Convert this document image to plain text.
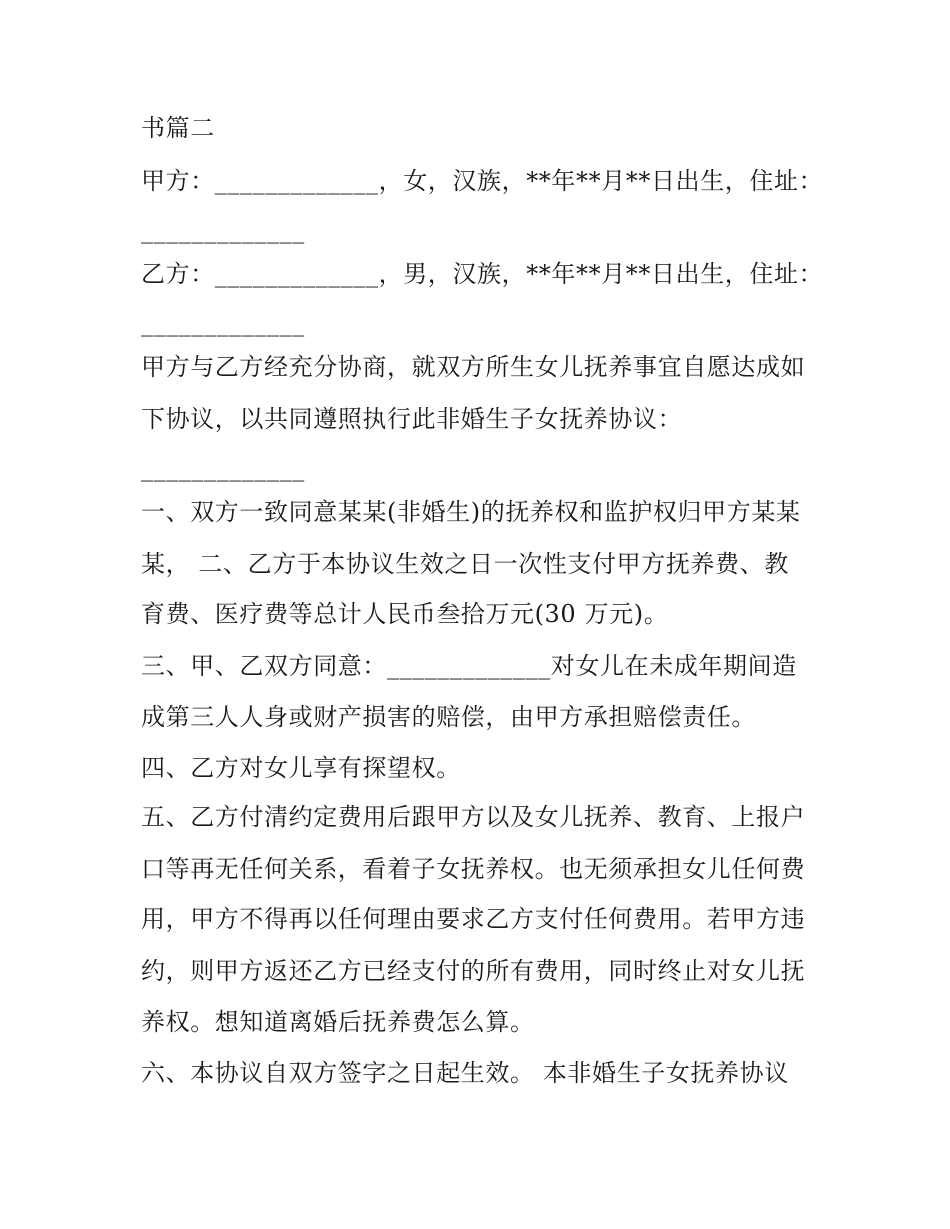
书篇二
甲方：_____________，女，汉族，**年**月**日出生，住址：
_____________
乙方：_____________，男，汉族，**年**月**日出生，住址：
_____________
甲方与乙方经充分协商，就双方所生女儿抚养事宜自愿达成如
下协议，以共同遵照执行此非婚生子女抚养协议：
_____________
一、双方一致同意某某(非婚生)的抚养权和监护权归甲方某某
某， 二、乙方于本协议生效之日一次性支付甲方抚养费、教
育费、医疗费等总计人民币叁拾万元(30 万元)。
三、甲、乙双方同意：_____________对女儿在未成年期间造
成第三人人身或财产损害的赔偿，由甲方承担赔偿责任。
四、乙方对女儿享有探望权。
五、乙方付清约定费用后跟甲方以及女儿抚养、教育、上报户
口等再无任何关系，看着子女抚养权。也无须承担女儿任何费
用，甲方不得再以任何理由要求乙方支付任何费用。若甲方违
约，则甲方返还乙方已经支付的所有费用，同时终止对女儿抚
养权。想知道离婚后抚养费怎么算。
六、本协议自双方签字之日起生效。 本非婚生子女抚养协议
